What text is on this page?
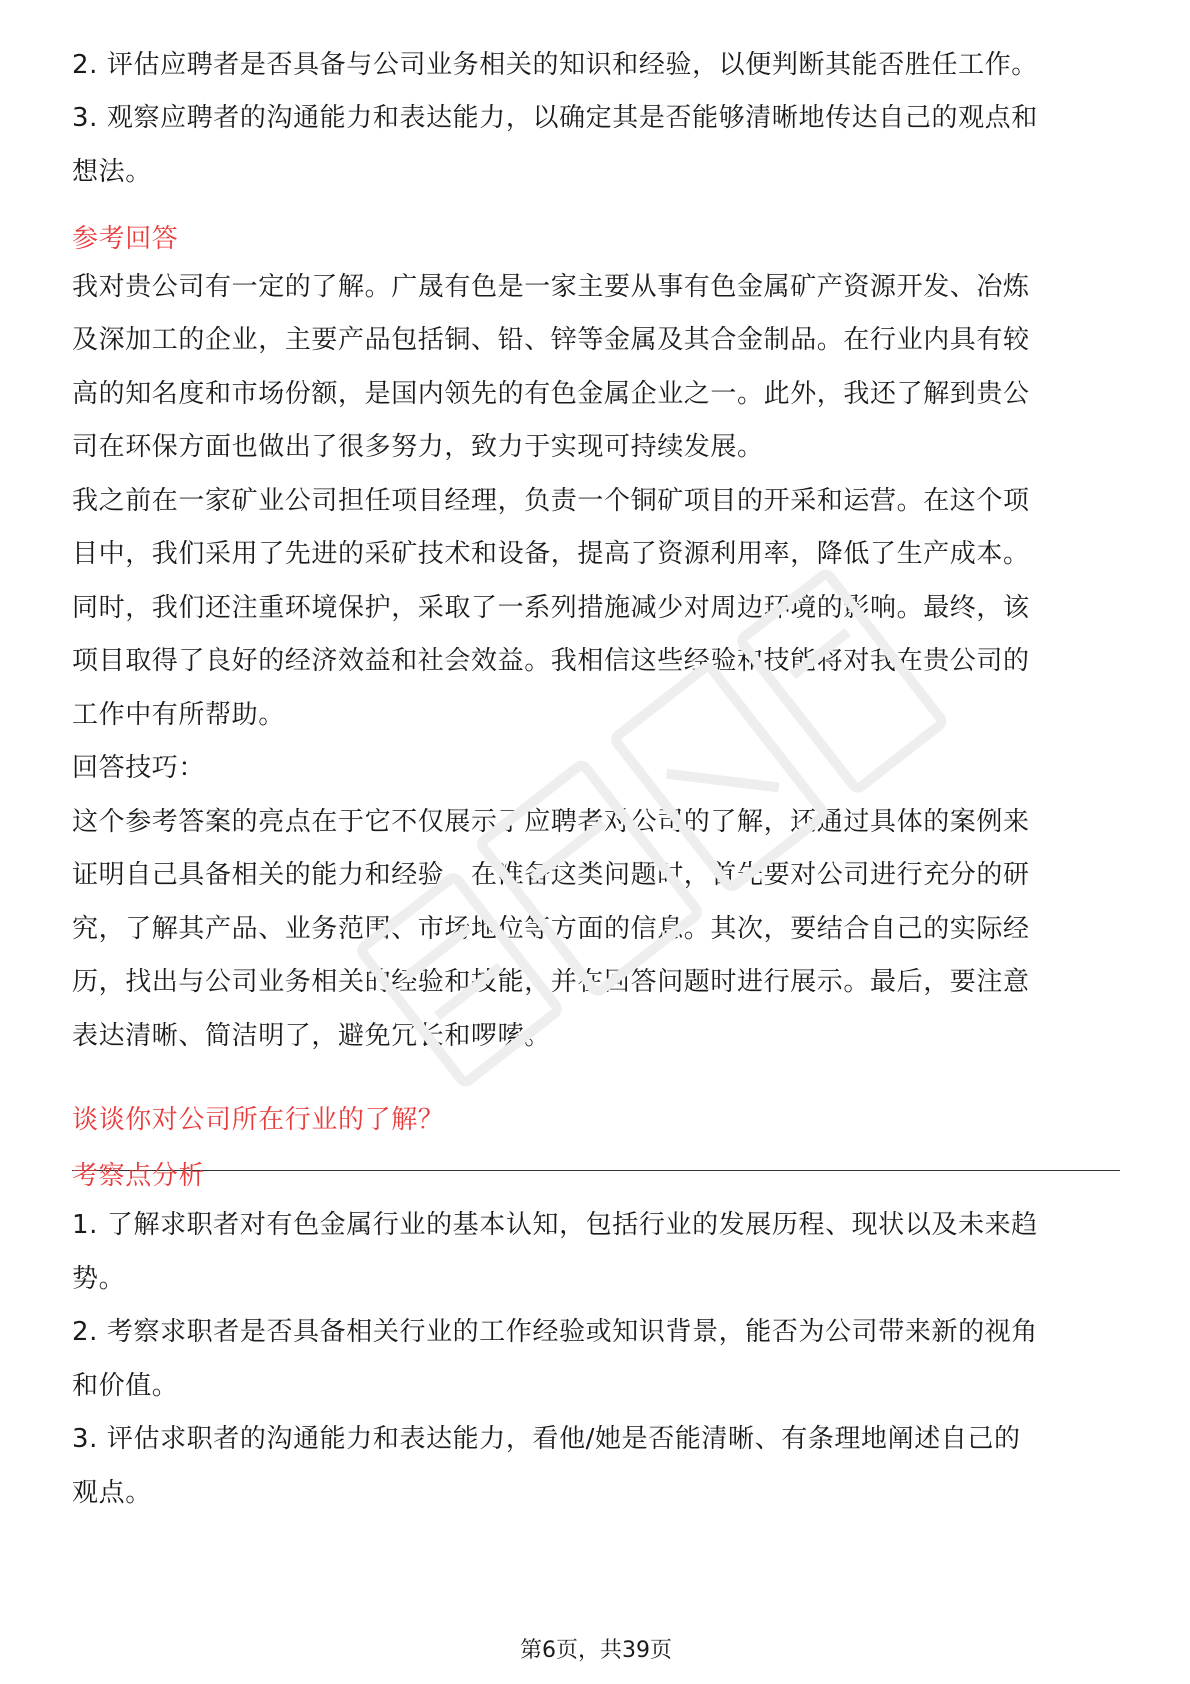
2. 评估应聘者是否具备与公司业务相关的知识和经验，以便判断其能否胜任工作。
3. 观察应聘者的沟通能力和表达能力，以确定其是否能够清晰地传达自己的观点和
想法。
参考回答
我对贵公司有一定的了解。广晟有色是一家主要从事有色金属矿产资源开发、冶炼
及深加工的企业，主要产品包括铜、铅、锌等金属及其合金制品。在行业内具有较
高的知名度和市场份额，是国内领先的有色金属企业之一。此外，我还了解到贵公
司在环保方面也做出了很多努力，致力于实现可持续发展。
我之前在一家矿业公司担任项目经理，负责一个铜矿项目的开采和运营。在这个项
目中，我们采用了先进的采矿技术和设备，提高了资源利用率，降低了生产成本。
同时，我们还注重环境保护，采取了一系列措施减少对周边环境的影响。最终，该
项目取得了良好的经济效益和社会效益。我相信这些经验和技能将对我在贵公司的
工作中有所帮助。
回答技巧：
这个参考答案的亮点在于它不仅展示了应聘者对公司的了解，还通过具体的案例来
证明自己具备相关的能力和经验。在准备这类问题时，首先要对公司进行充分的研
究，了解其产品、业务范围、市场地位等方面的信息。其次，要结合自己的实际经
历，找出与公司业务相关的经验和技能，并在回答问题时进行展示。最后，要注意
表达清晰、简洁明了，避免冗长和啰嗦。
谈谈你对公司所在行业的了解？
考察点分析
1. 了解求职者对有色金属行业的基本认知，包括行业的发展历程、现状以及未来趋
势。
2. 考察求职者是否具备相关行业的工作经验或知识背景，能否为公司带来新的视角
和价值。
3. 评估求职者的沟通能力和表达能力，看他/她是否能清晰、有条理地阐述自己的
观点。
第6页，共39页
